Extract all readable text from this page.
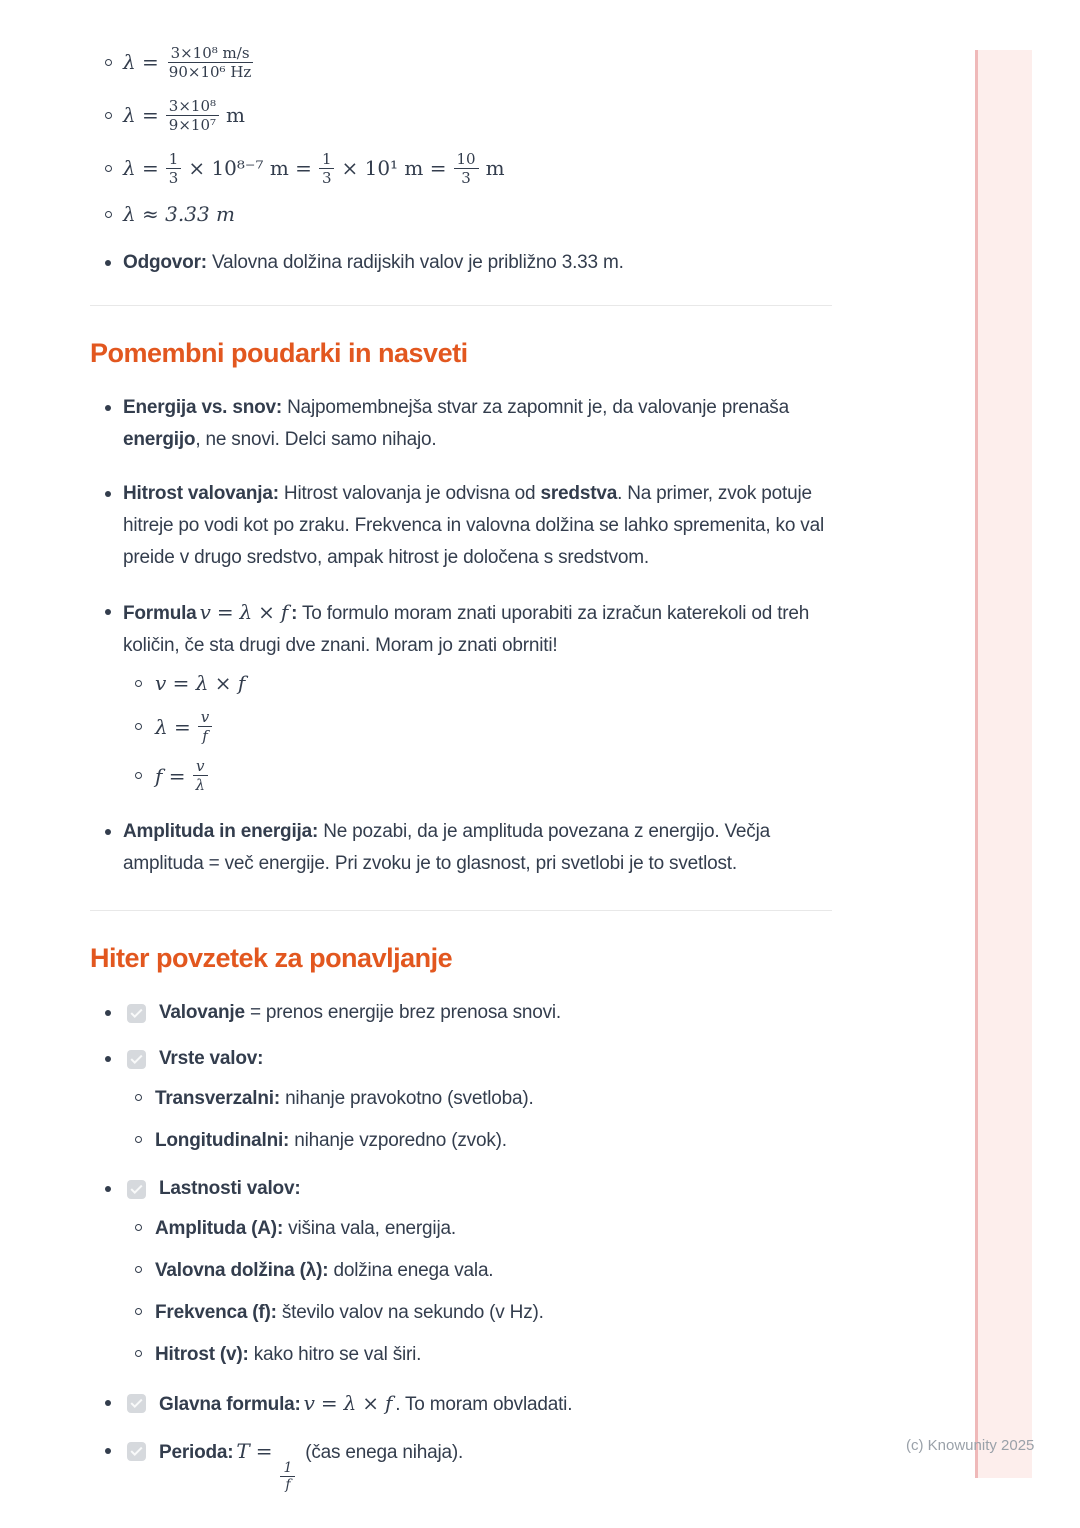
(c) Knowunity 2025
$\lambda = \frac{\text{3×10⁸ m/s}}{\text{90×10⁶ Hz}}$
$\lambda = \frac{\text{3×10⁸}}{\text{9×10⁷}}$ m
$\lambda = \frac{1}{3} \times 10^{8-7}$ $m = \frac{1}{3} \times 10^1$ $m = \frac{10}{3}$ m
λ ≈ 3.33 m

Odgovor: Valovna dolžina radijskih valov je približno 3.33 m.

Pomembni poudarki in nasveti

Energija vs. snov: Najpomembnejša stvar za zapomnit je, da valovanje prenaša energijo, ne snovi. Delci samo nihajo.

Hitrost valovanja: Hitrost valovanja je odvisna od sredstva. Na primer, zvok potuje hitreje po vodi kot po zraku. Frekvenca in valovna dolžina se lahko spremenita, ko val preide v drugo sredstvo, ampak hitrost je določena s sredstvom.

Formula v = λ × f : To formulo moram znati uporabiti za izračun katerekoli od treh količin, če sta drugi dve znani. Moram jo znati obrniti!

v = λ × f
$\lambda = \frac{v}{f}$
$f = \frac{v}{\lambda}$

Amplituda in energija: Ne pozabi, da je amplituda povezana z energijo. Večja amplituda = več energije. Pri zvoku je to glasnost, pri svetlobi je to svetlost.

Hiter povzetek za ponavljanje

Valovanje = prenos energije brez prenosa snovi.

Vrste valov:

Transverzalni: nihanje pravokotno (svetloba).

Longitudinalni: nihanje vzporedno (zvok).

Lastnosti valov:

Amplituda (A): višina vala, energija.

Valovna dolžina (λ): dolžina enega vala.

Frekvenca (f): število valov na sekundo (v Hz).

Hitrost (v): kako hitro se val širi.

Glavna formula: v = λ × f . To moram obvladati.

Perioda: T =
$\frac{1}{f}$
(čas enega nihaja).
